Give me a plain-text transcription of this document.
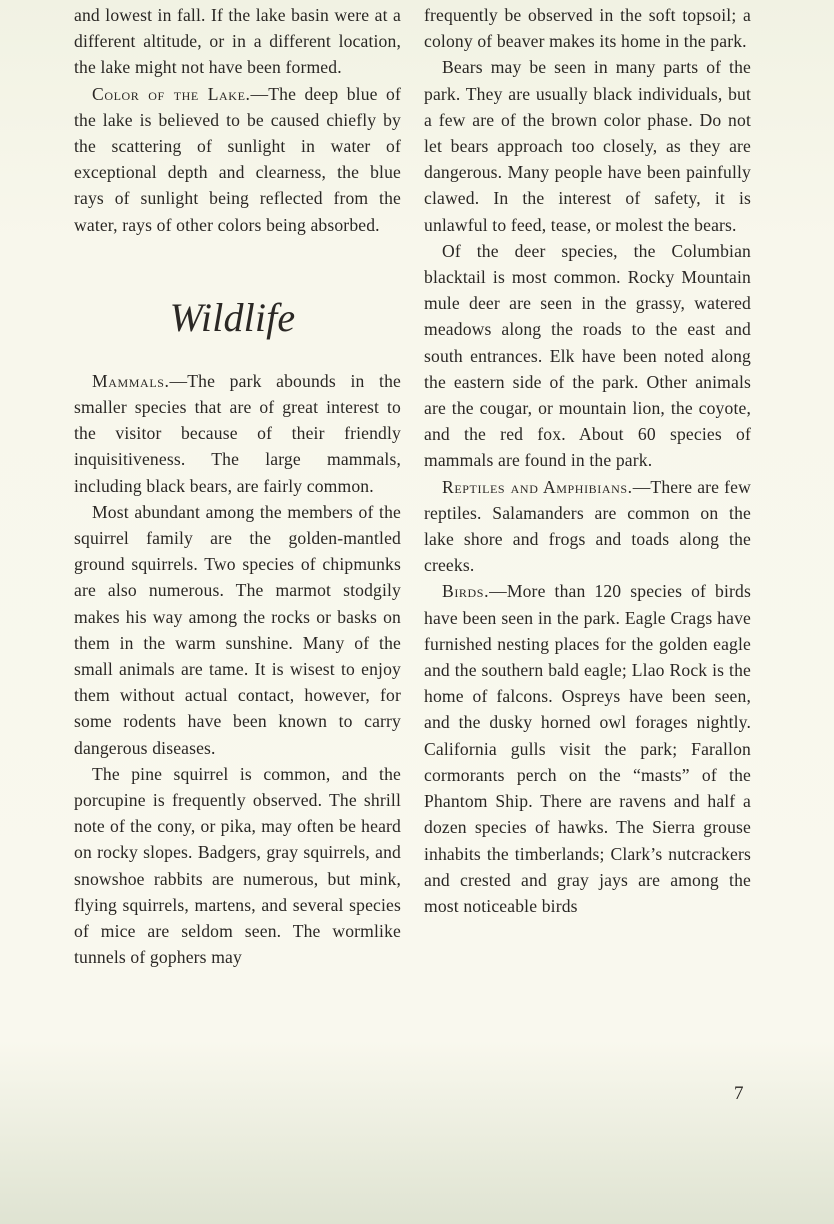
and lowest in fall. If the lake basin were at a different altitude, or in a different location, the lake might not have been formed.

Color of the Lake.—The deep blue of the lake is believed to be caused chiefly by the scattering of sunlight in water of exceptional depth and clearness, the blue rays of sunlight being reflected from the water, rays of other colors being absorbed.

Wildlife

Mammals.—The park abounds in the smaller species that are of great interest to the visitor because of their friendly inquisitiveness. The large mammals, including black bears, are fairly common.

Most abundant among the members of the squirrel family are the golden-mantled ground squirrels. Two species of chipmunks are also numerous. The marmot stodgily makes his way among the rocks or basks on them in the warm sunshine. Many of the small animals are tame. It is wisest to enjoy them without actual contact, however, for some rodents have been known to carry dangerous diseases.

The pine squirrel is common, and the porcupine is frequently observed. The shrill note of the cony, or pika, may often be heard on rocky slopes. Badgers, gray squirrels, and snowshoe rabbits are numerous, but mink, flying squirrels, martens, and several species of mice are seldom seen. The wormlike tunnels of gophers may

frequently be observed in the soft topsoil; a colony of beaver makes its home in the park.

Bears may be seen in many parts of the park. They are usually black individuals, but a few are of the brown color phase. Do not let bears approach too closely, as they are dangerous. Many people have been painfully clawed. In the interest of safety, it is unlawful to feed, tease, or molest the bears.

Of the deer species, the Columbian blacktail is most common. Rocky Mountain mule deer are seen in the grassy, watered meadows along the roads to the east and south entrances. Elk have been noted along the eastern side of the park. Other animals are the cougar, or mountain lion, the coyote, and the red fox. About 60 species of mammals are found in the park.

Reptiles and Amphibians.—There are few reptiles. Salamanders are common on the lake shore and frogs and toads along the creeks.

Birds.—More than 120 species of birds have been seen in the park. Eagle Crags have furnished nesting places for the golden eagle and the southern bald eagle; Llao Rock is the home of falcons. Ospreys have been seen, and the dusky horned owl forages nightly. California gulls visit the park; Farallon cormorants perch on the “masts” of the Phantom Ship. There are ravens and half a dozen species of hawks. The Sierra grouse inhabits the timberlands; Clark’s nutcrackers and crested and gray jays are among the most noticeable birds

7
